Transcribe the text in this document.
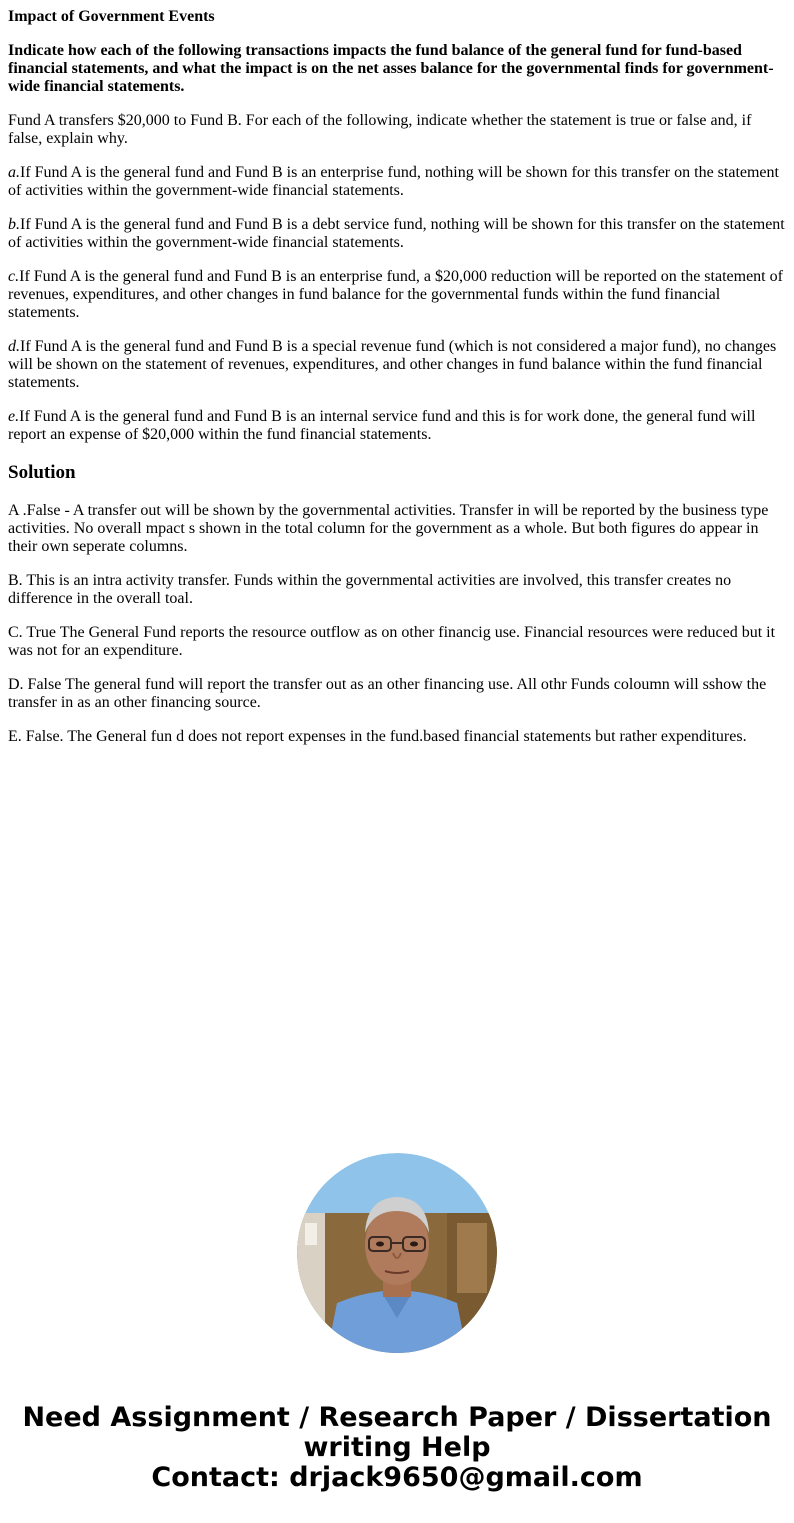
Impact of Government Events

Indicate how each of the following transactions impacts the fund balance of the general fund for fund-based financial statements, and what the impact is on the net asses balance for the governmental finds for government-wide financial statements.

Fund A transfers $20,000 to Fund B. For each of the following, indicate whether the statement is true or false and, if false, explain why.

a.If Fund A is the general fund and Fund B is an enterprise fund, nothing will be shown for this transfer on the statement of activities within the government-wide financial statements.

b.If Fund A is the general fund and Fund B is a debt service fund, nothing will be shown for this transfer on the statement of activities within the government-wide financial statements.

c.If Fund A is the general fund and Fund B is an enterprise fund, a $20,000 reduction will be reported on the statement of revenues, expenditures, and other changes in fund balance for the governmental funds within the fund financial statements.

d.If Fund A is the general fund and Fund B is a special revenue fund (which is not considered a major fund), no changes will be shown on the statement of revenues, expenditures, and other changes in fund balance within the fund financial statements.

e.If Fund A is the general fund and Fund B is an internal service fund and this is for work done, the general fund will report an expense of $20,000 within the fund financial statements.

Solution

A .False - A transfer out will be shown by the governmental activities. Transfer in will be reported by the business type activities. No overall mpact s shown in the total column for the government as a whole. But both figures do appear in their own seperate columns.

B. This is an intra activity transfer. Funds within the governmental activities are involved, this transfer creates no difference in the overall toal.

C. True The General Fund reports the resource outflow as on other financig use. Financial resources were reduced but it was not for an expenditure.

D. False The general fund will report the transfer out as an other financing use. All othr Funds coloumn will sshow the transfer in as an other financing source.

E. False. The General fun d does not report expenses in the fund.based financial statements but rather expenditures.

Need Assignment / Research Paper / Dissertation
writing Help
Contact: drjack9650@gmail.com
